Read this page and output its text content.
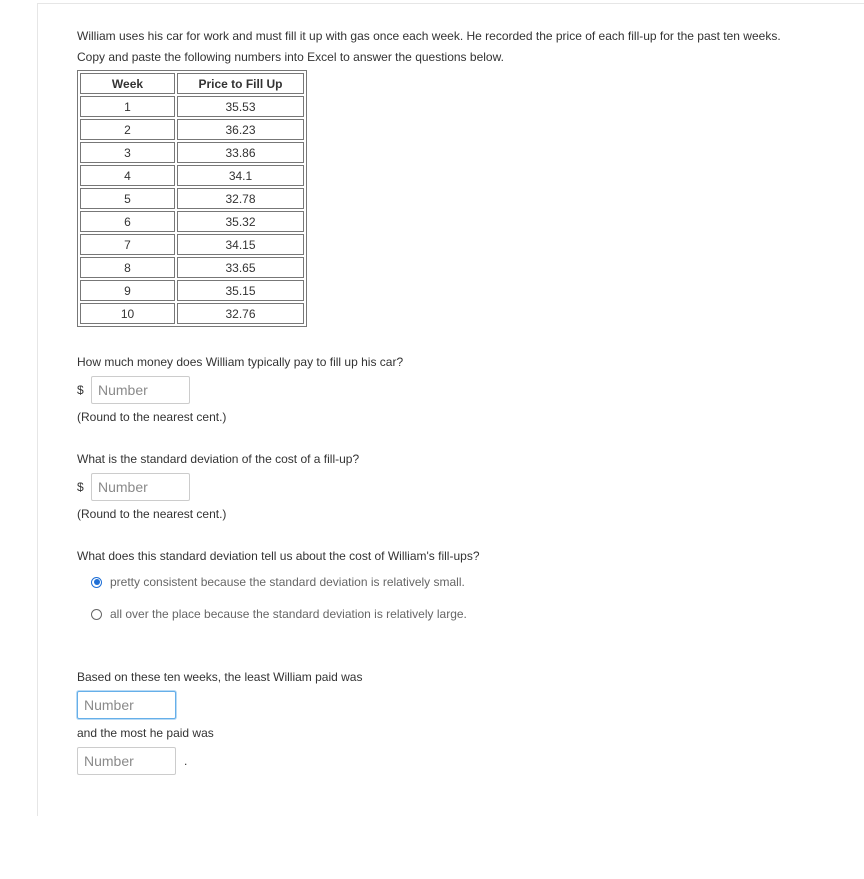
William uses his car for work and must fill it up with gas once each week. He recorded the price of each fill-up for the past ten weeks.

Copy and paste the following numbers into Excel to answer the questions below.

Week	Price to Fill Up
1	35.53
2	36.23
3	33.86
4	34.1
5	32.78
6	35.32
7	34.15
8	33.65
9	35.15
10	32.76

How much money does William typically pay to fill up his car?

$
Number

(Round to the nearest cent.)

What is the standard deviation of the cost of a fill-up?

$
Number

(Round to the nearest cent.)

What does this standard deviation tell us about the cost of William's fill-ups?

pretty consistent because the standard deviation is relatively small.
all over the place because the standard deviation is relatively large.

Based on these ten weeks, the least William paid was

Number

and the most he paid was

Number
.
